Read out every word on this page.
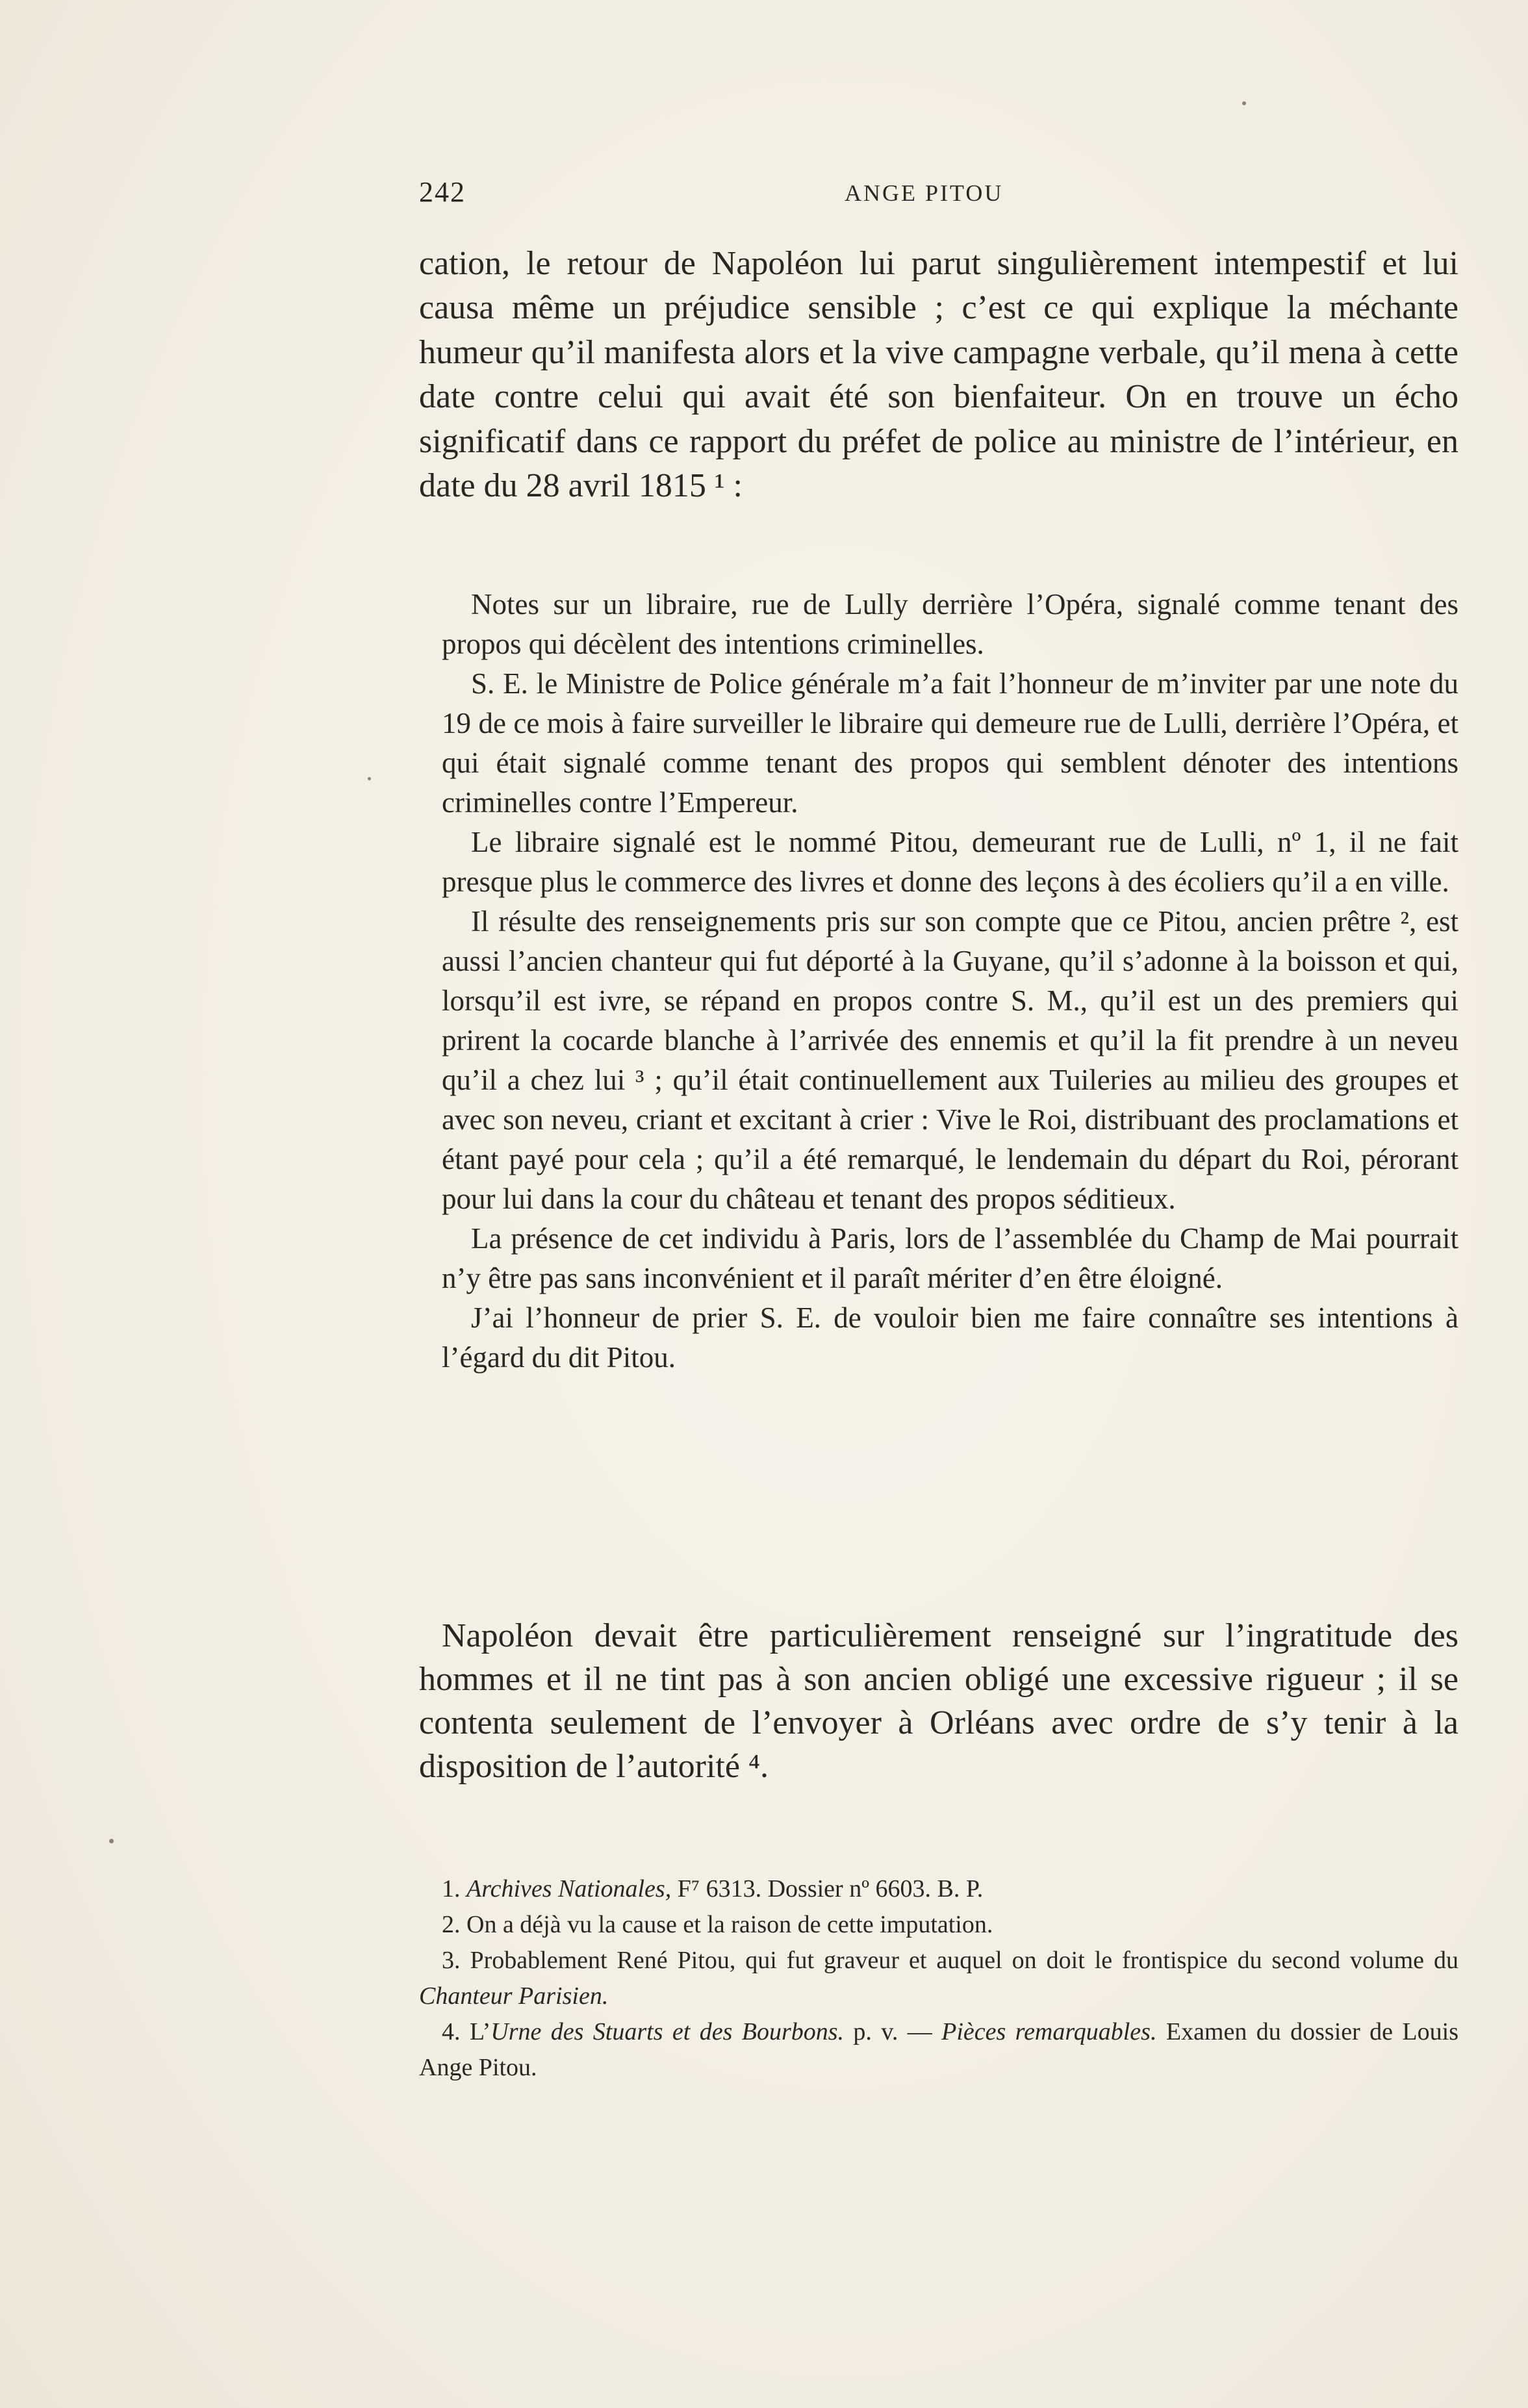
242	ANGE PITOU

cation, le retour de Napoléon lui parut singulièrement intempestif et lui causa même un préjudice sensible ; c’est ce qui explique la méchante humeur qu’il manifesta alors et la vive campagne verbale, qu’il mena à cette date contre celui qui avait été son bienfaiteur. On en trouve un écho significatif dans ce rapport du préfet de police au ministre de l’intérieur, en date du 28 avril 1815 ¹ :

Notes sur un libraire, rue de Lully derrière l’Opéra, signalé comme tenant des propos qui décèlent des intentions criminelles.

S. E. le Ministre de Police générale m’a fait l’honneur de m’inviter par une note du 19 de ce mois à faire surveiller le libraire qui demeure rue de Lulli, derrière l’Opéra, et qui était signalé comme tenant des propos qui semblent dénoter des intentions criminelles contre l’Empereur.

Le libraire signalé est le nommé Pitou, demeurant rue de Lulli, nº 1, il ne fait presque plus le commerce des livres et donne des leçons à des écoliers qu’il a en ville.

Il résulte des renseignements pris sur son compte que ce Pitou, ancien prêtre ², est aussi l’ancien chanteur qui fut déporté à la Guyane, qu’il s’adonne à la boisson et qui, lorsqu’il est ivre, se répand en propos contre S. M., qu’il est un des premiers qui prirent la cocarde blanche à l’arrivée des ennemis et qu’il la fit prendre à un neveu qu’il a chez lui ³ ; qu’il était continuellement aux Tuileries au milieu des groupes et avec son neveu, criant et excitant à crier : Vive le Roi, distribuant des proclamations et étant payé pour cela ; qu’il a été remarqué, le lendemain du départ du Roi, pérorant pour lui dans la cour du château et tenant des propos séditieux.

La présence de cet individu à Paris, lors de l’assemblée du Champ de Mai pourrait n’y être pas sans inconvénient et il paraît mériter d’en être éloigné.

J’ai l’honneur de prier S. E. de vouloir bien me faire connaître ses intentions à l’égard du dit Pitou.

Napoléon devait être particulièrement renseigné sur l’ingratitude des hommes et il ne tint pas à son ancien obligé une excessive rigueur ; il se contenta seulement de l’envoyer à Orléans avec ordre de s’y tenir à la disposition de l’autorité ⁴.

1. Archives Nationales, F⁷ 6313. Dossier nº 6603. B. P.

2. On a déjà vu la cause et la raison de cette imputation.

3. Probablement René Pitou, qui fut graveur et auquel on doit le frontispice du second volume du Chanteur Parisien.

4. L’Urne des Stuarts et des Bourbons. p. v. — Pièces remarquables. Examen du dossier de Louis Ange Pitou.
